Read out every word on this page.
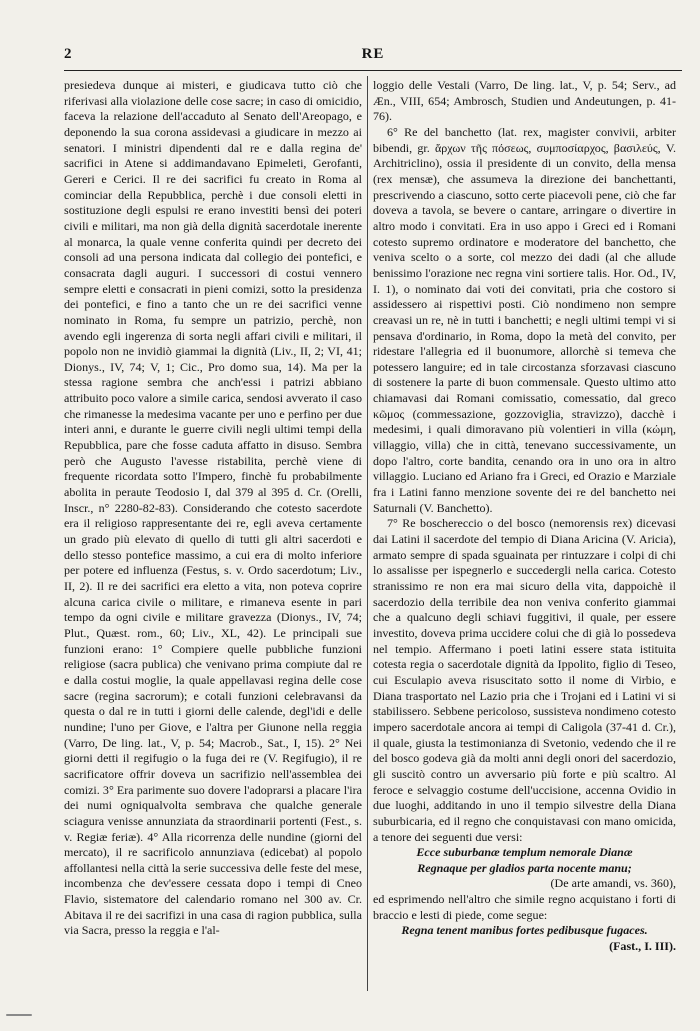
2	RE

presiedeva dunque ai misteri, e giudicava tutto ciò che riferivasi alla violazione delle cose sacre; in caso di omicidio, faceva la relazione dell'accaduto al Senato dell'Areopago, e deponendo la sua corona assidevasi a giudicare in mezzo ai senatori. I ministri dipendenti dal re e dalla regina de' sacrifici in Atene si addimandavano Epimeleti, Gerofanti, Gereri e Cerici. Il re dei sacrifici fu creato in Roma al cominciar della Repubblica, perchè i due consoli eletti in sostituzione degli espulsi re erano investiti bensì dei poteri civili e militari, ma non già della dignità sacerdotale inerente al monarca, la quale venne conferita quindi per decreto dei consoli ad una persona indicata dal collegio dei pontefici, e consacrata dagli auguri. I successori di costui vennero sempre eletti e consacrati in pieni comizi, sotto la presidenza dei pontefici, e fino a tanto che un re dei sacrifici venne nominato in Roma, fu sempre un patrizio, perchè, non avendo egli ingerenza di sorta negli affari civili e militari, il popolo non ne invidiò giammai la dignità (Liv., II, 2; VI, 41; Dionys., IV, 74; V, 1; Cic., Pro domo sua, 14). Ma per la stessa ragione sembra che anch'essi i patrizi abbiano attribuito poco valore a simile carica, sendosi avverato il caso che rimanesse la medesima vacante per uno e perfino per due interi anni, e durante le guerre civili negli ultimi tempi della Repubblica, pare che fosse caduta affatto in disuso. Sembra però che Augusto l'avesse ristabilita, perchè viene di frequente ricordata sotto l'Impero, finchè fu probabilmente abolita in peraute Teodosio I, dal 379 al 395 d. Cr. (Orelli, Inscr., n° 2280-82-83). Considerando che cotesto sacerdote era il religioso rappresentante dei re, egli aveva certamente un grado più elevato di quello di tutti gli altri sacerdoti e dello stesso pontefice massimo, a cui era di molto inferiore per potere ed influenza (Festus, s. v. Ordo sacerdotum; Liv., II, 2). Il re dei sacrifici era eletto a vita, non poteva coprire alcuna carica civile o militare, e rimaneva esente in pari tempo da ogni civile e militare gravezza (Dionys., IV, 74; Plut., Quæst. rom., 60; Liv., XL, 42). Le principali sue funzioni erano: 1° Compiere quelle pubbliche funzioni religiose (sacra publica) che venivano prima compiute dal re e dalla costui moglie, la quale appellavasi regina delle cose sacre (regina sacrorum); e cotali funzioni celebravansi da questa o dal re in tutti i giorni delle calende, degl'idi e delle nundine; l'uno per Giove, e l'altra per Giunone nella reggia (Varro, De ling. lat., V, p. 54; Macrob., Sat., I, 15). 2° Nei giorni detti il regifugio o la fuga dei re (V. Regifugio), il re sacrificatore offrir doveva un sacrifizio nell'assemblea dei comizi. 3° Era parimente suo dovere l'adoprarsi a placare l'ira dei numi ogniqualvolta sembrava che qualche generale sciagura venisse annunziata da straordinarii portenti (Fest., s. v. Regiæ feriæ). 4° Alla ricorrenza delle nundine (giorni del mercato), il re sacrificolo annunziava (edicebat) al popolo affollantesi nella città la serie successiva delle feste del mese, incombenza che dev'essere cessata dopo i tempi di Cneo Flavio, sistematore del calendario romano nel 300 av. Cr. Abitava il re dei sacrifizi in una casa di ragion pubblica, sulla via Sacra, presso la reggia e l'al-

loggio delle Vestali (Varro, De ling. lat., V, p. 54; Serv., ad Æn., VIII, 654; Ambrosch, Studien und Andeutungen, p. 41-76).

6° Re del banchetto (lat. rex, magister convivii, arbiter bibendi, gr. ἄρχων τῆς πόσεως, συμποσίαρχος, βασιλεύς, V. Architriclino), ossia il presidente di un convito, della mensa (rex mensæ), che assumeva la direzione dei banchettanti, prescrivendo a ciascuno, sotto certe piacevoli pene, ciò che far doveva a tavola, se bevere o cantare, arringare o divertire in altro modo i convitati. Era in uso appo i Greci ed i Romani cotesto supremo ordinatore e moderatore del banchetto, che veniva scelto o a sorte, col mezzo dei dadi (al che allude benissimo l'orazione nec regna vini sortiere talis. Hor. Od., IV, I. 1), o nominato dai voti dei convitati, pria che costoro si assidessero ai rispettivi posti. Ciò nondimeno non sempre creavasi un re, nè in tutti i banchetti; e negli ultimi tempi vi si pensava d'ordinario, in Roma, dopo la metà del convito, per ridestare l'allegria ed il buonumore, allorchè si temeva che potessero languire; ed in tale circostanza sforzavasi ciascuno di sostenere la parte di buon commensale. Questo ultimo atto chiamavasi dai Romani comissatio, comessatio, dal greco κῶμος (commessazione, gozzoviglia, stravizzo), dacchè i medesimi, i quali dimoravano più volentieri in villa (κώμη, villaggio, villa) che in città, tenevano successivamente, un dopo l'altro, corte bandita, cenando ora in uno ora in altro villaggio. Luciano ed Ariano fra i Greci, ed Orazio e Marziale fra i Latini fanno menzione sovente dei re del banchetto nei Saturnali (V. Banchetto).

7° Re boschereccio o del bosco (nemorensis rex) dicevasi dai Latini il sacerdote del tempio di Diana Aricina (V. Aricia), armato sempre di spada sguainata per rintuzzare i colpi di chi lo assalisse per ispegnerlo e succedergli nella carica. Cotesto stranissimo re non era mai sicuro della vita, dappoichè il sacerdozio della terribile dea non veniva conferito giammai che a qualcuno degli schiavi fuggitivi, il quale, per essere investito, doveva prima uccidere colui che di già lo possedeva nel tempio. Affermano i poeti latini essere stata istituita cotesta regia o sacerdotale dignità da Ippolito, figlio di Teseo, cui Esculapio aveva risuscitato sotto il nome di Virbio, e Diana trasportato nel Lazio pria che i Trojani ed i Latini vi si stabilissero. Sebbene pericoloso, sussisteva nondimeno cotesto impero sacerdotale ancora ai tempi di Caligola (37-41 d. Cr.), il quale, giusta la testimonianza di Svetonio, vedendo che il re del bosco godeva già da molti anni degli onori del sacerdozio, gli suscitò contro un avversario più forte e più scaltro. Al feroce e selvaggio costume dell'uccisione, accenna Ovidio in due luoghi, additando in uno il tempio silvestre della Diana suburbicaria, ed il regno che conquistavasi con mano omicida, a tenore dei seguenti due versi:

Ecce suburbanæ templum nemorale Dianæ
Regnaque per gladios parta nocente manu;
(De arte amandi, vs. 360),

ed esprimendo nell'altro che simile regno acquistano i forti di braccio e lesti di piede, come segue:

Regna tenent manibus fortes pedibusque fugaces.
(Fast., I. III).
